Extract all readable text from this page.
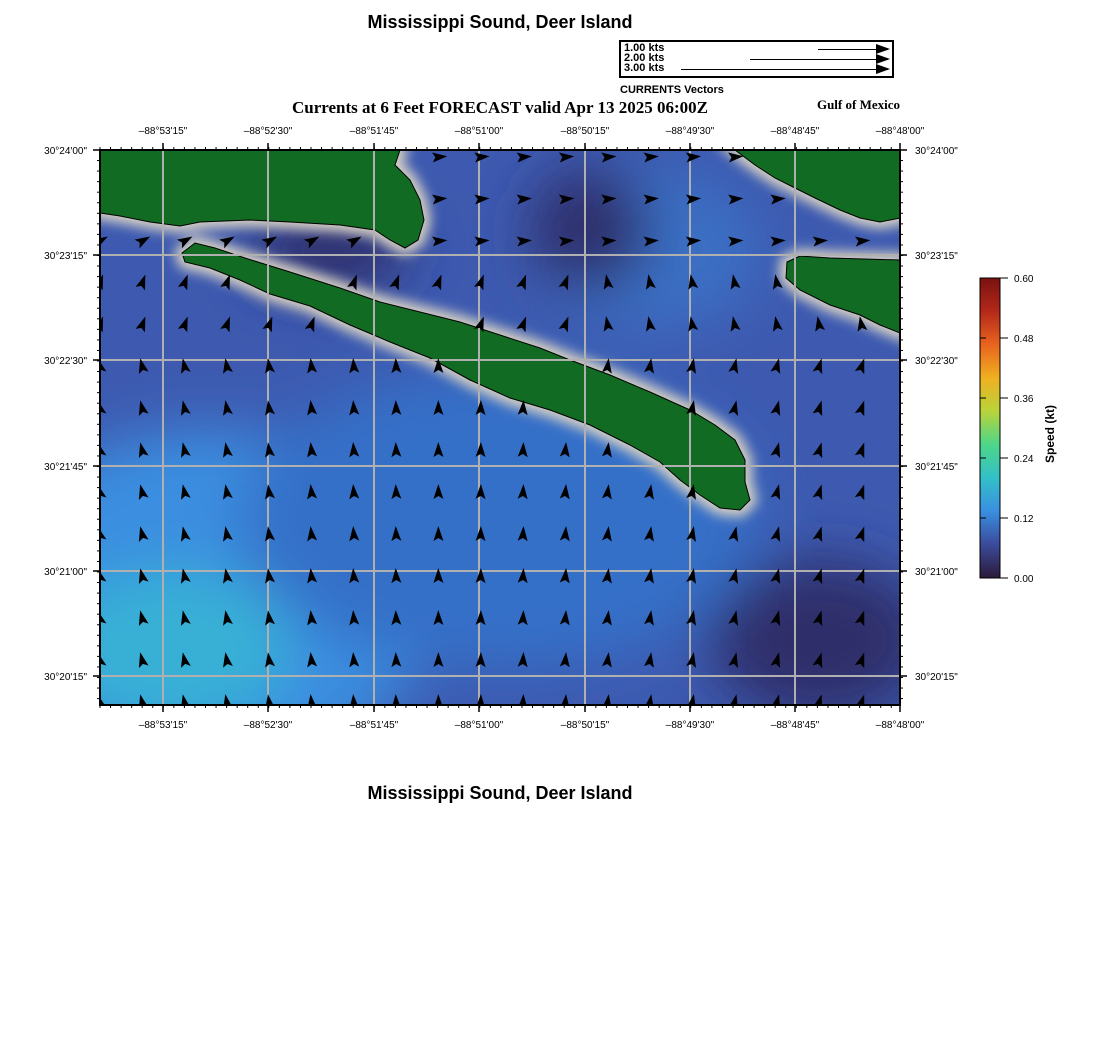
Mississippi Sound, Deer Island
1.00 kts
2.00 kts
3.00 kts
CURRENTS Vectors
Currents at 6 Feet FORECAST valid Apr 13 2025 06:00Z	Gulf of Mexico
–88°53'15"
–88°53'15"
–88°52'30"
–88°52'30"
–88°51'45"
–88°51'45"
–88°51'00"
–88°51'00"
–88°50'15"
–88°50'15"
–88°49'30"
–88°49'30"
–88°48'45"
–88°48'45"
–88°48'00"
–88°48'00"
30°24'00"	30°24'00"
30°23'15"	30°23'15"
30°22'30"	30°22'30"
30°21'45"	30°21'45"
30°21'00"	30°21'00"
30°20'15"	30°20'15"
0.00
0.12
0.24
0.36
0.48
0.60
Speed (kt)
Mississippi Sound, Deer Island
